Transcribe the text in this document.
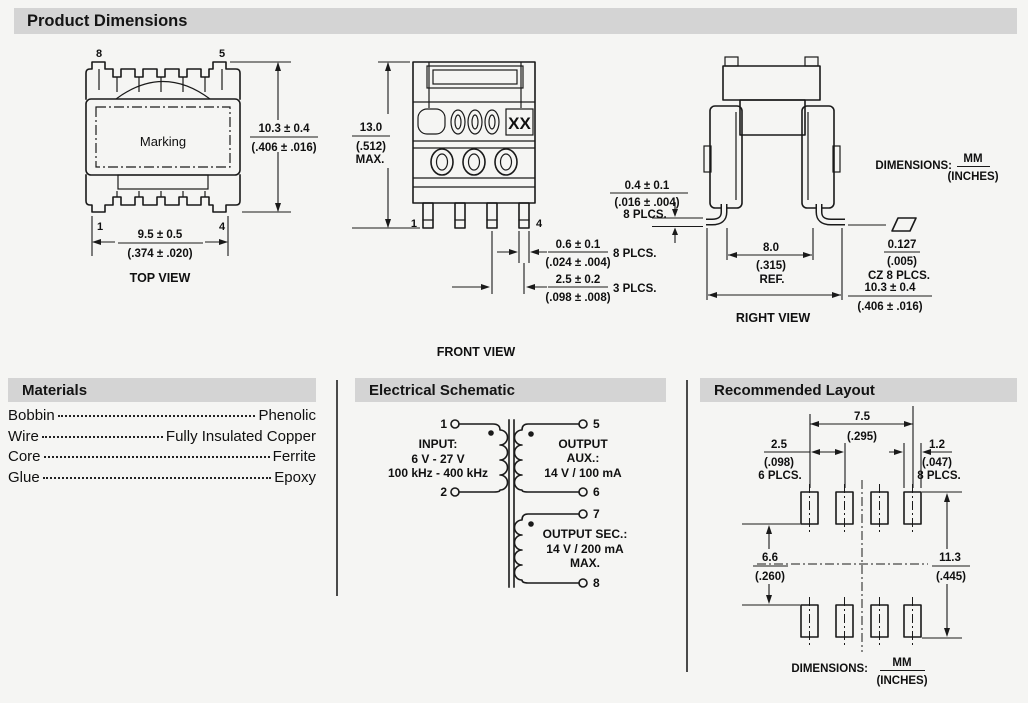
Product Dimensions
Materials	Electrical Schematic	Recommended Layout
Marking
8	5
1	4
10.3 ± 0.4
(.406 ± .016)
9.5 ± 0.5
(.374 ± .020)
TOP VIEW
XX
1	4
13.0
(.512)
MAX.
0.6 ± 0.1
(.024 ± .004)
8 PLCS.
2.5 ± 0.2
(.098 ± .008)
3 PLCS.
FRONT VIEW
0.4 ± 0.1
(.016 ± .004)
8 PLCS.
DIMENSIONS:
MM
(INCHES)
0.127
(.005)
CZ 8 PLCS.
8.0
(.315)
REF.
10.3 ± 0.4
(.406 ± .016)
RIGHT VIEW
Bobbin	Phenolic
Wire	Fully Insulated Copper
Core	Ferrite
Glue	Epoxy
1
2
5
6
7
8
INPUT:
6 V - 27 V
100 kHz - 400 kHz
OUTPUT
AUX.:
14 V / 100 mA
OUTPUT SEC.:
14 V / 200 mA
MAX.
7.5
(.295)
2.5
(.098)
6 PLCS.
1.2
(.047)
8 PLCS.
6.6
(.260)
11.3
(.445)
DIMENSIONS: MM
(INCHES)
